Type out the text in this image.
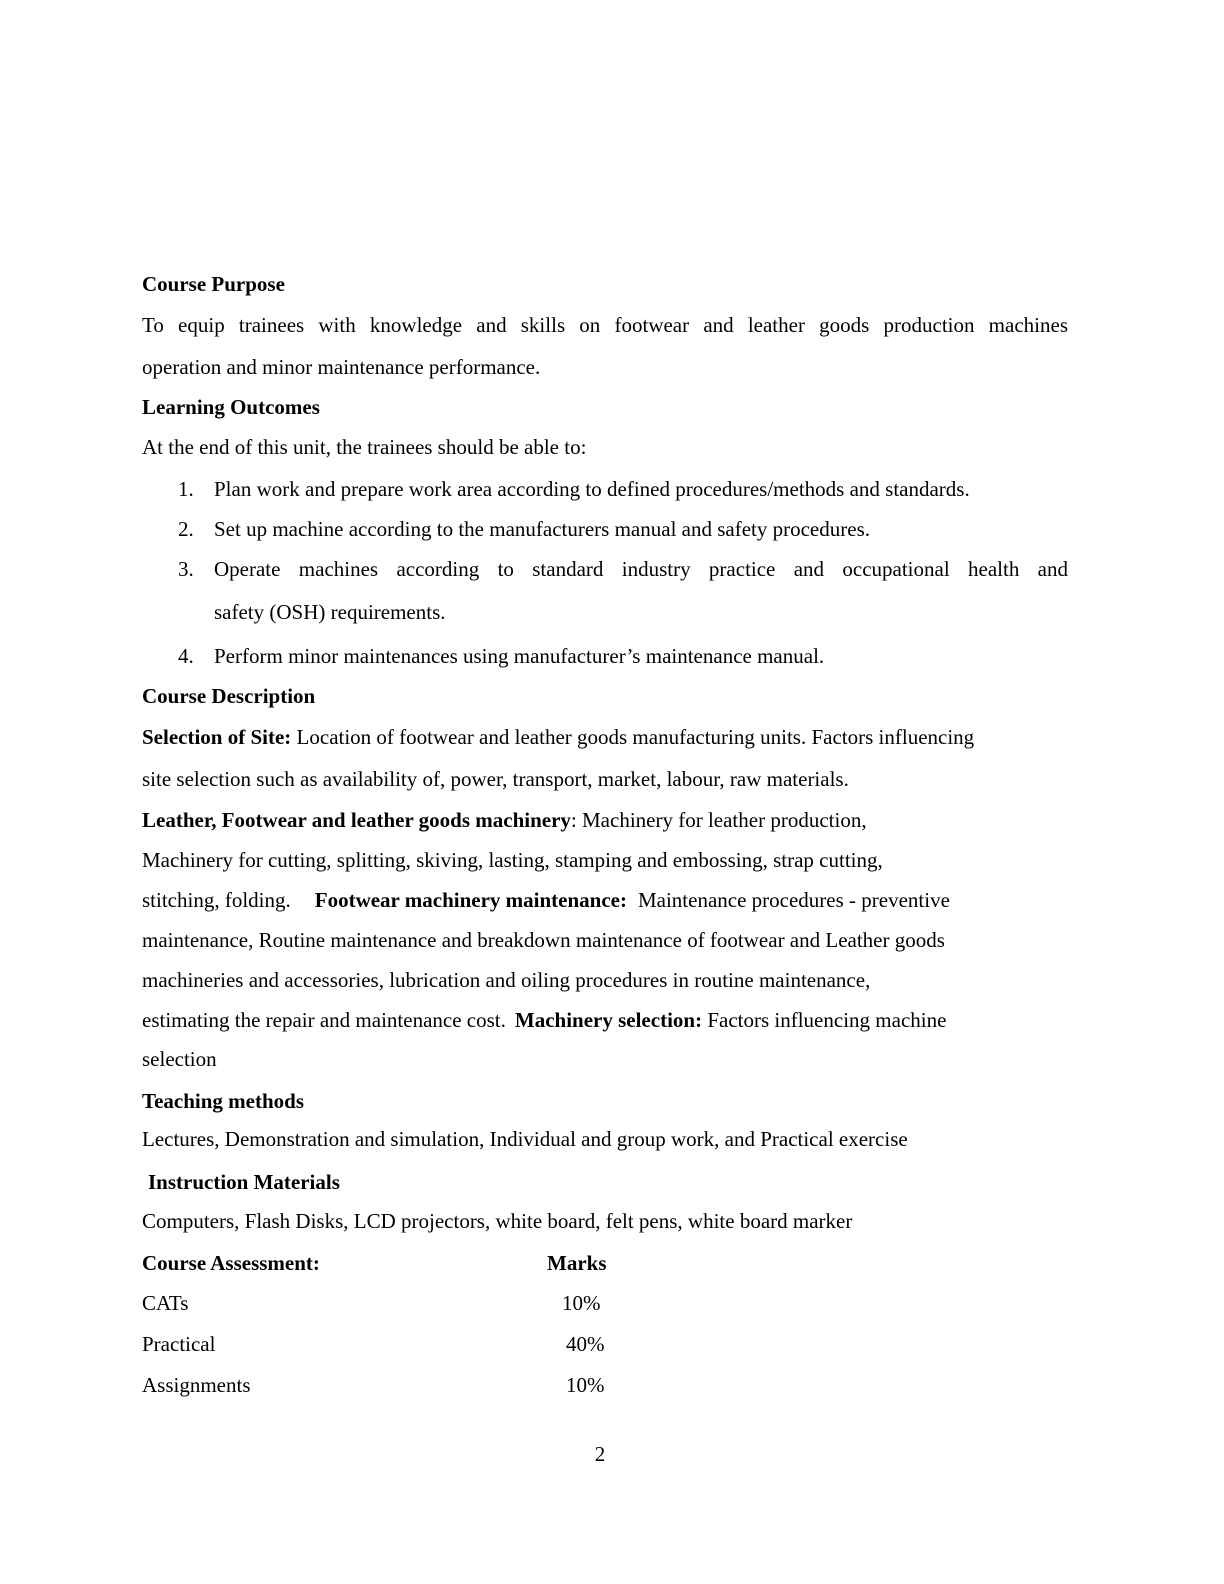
Course Purpose
To equip trainees with knowledge and skills on footwear and leather goods production machines
operation and minor maintenance performance.
Learning Outcomes
At the end of this unit, the trainees should be able to:
1. Plan work and prepare work area according to defined procedures/methods and standards.
2. Set up machine according to the manufacturers manual and safety procedures.
3. Operate machines according to standard industry practice and occupational health and
safety (OSH) requirements.
4. Perform minor maintenances using manufacturer’s maintenance manual.
Course Description
Selection of Site: Location of footwear and leather goods manufacturing units. Factors influencing
site selection such as availability of, power, transport, market, labour, raw materials.
Leather, Footwear and leather goods machinery: Machinery for leather production,
Machinery for cutting, splitting, skiving, lasting, stamping and embossing, strap cutting,
stitching, folding. Footwear machinery maintenance: Maintenance procedures - preventive
maintenance, Routine maintenance and breakdown maintenance of footwear and Leather goods
machineries and accessories, lubrication and oiling procedures in routine maintenance,
estimating the repair and maintenance cost. Machinery selection: Factors influencing machine
selection
Teaching methods
Lectures, Demonstration and simulation, Individual and group work, and Practical exercise
Instruction Materials
Computers, Flash Disks, LCD projectors, white board, felt pens, white board marker
Course Assessment:	Marks
CATs	10%
Practical	40%
Assignments	10%
2
